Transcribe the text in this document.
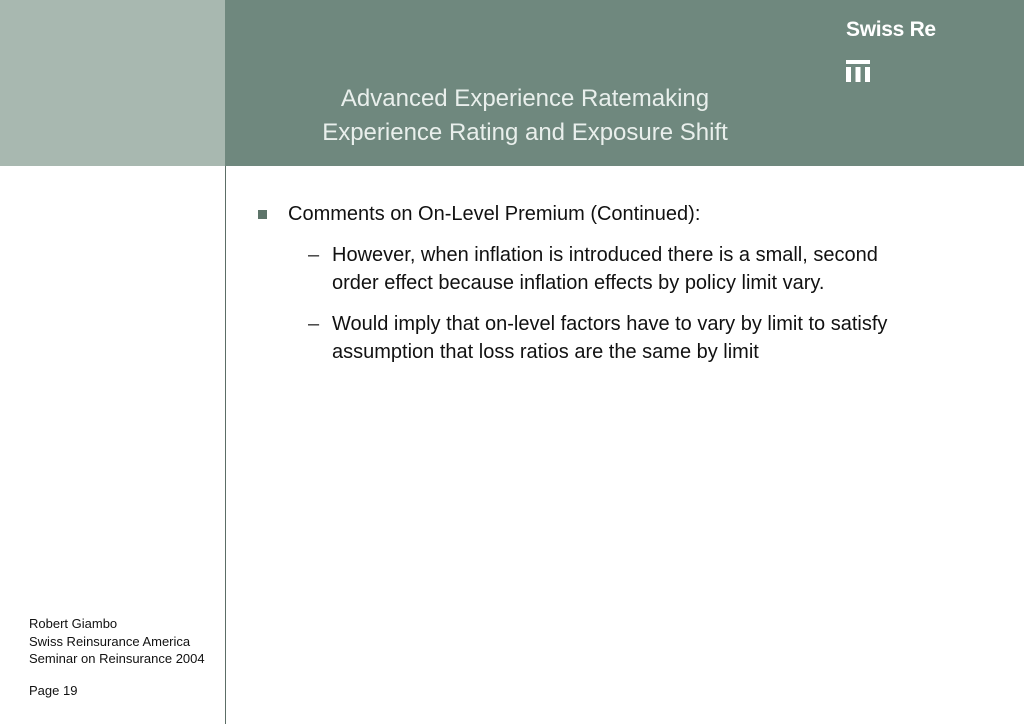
Advanced Experience Ratemaking
Experience Rating and Exposure Shift
Swiss Re
Comments on On-Level Premium (Continued):
– However, when inflation is introduced there is a small, second
order effect because inflation effects by policy limit vary.
– Would imply that on-level factors have to vary by limit to satisfy
assumption that loss ratios are the same by limit
Robert Giambo
Swiss Reinsurance America
Seminar on Reinsurance 2004
Page 19
